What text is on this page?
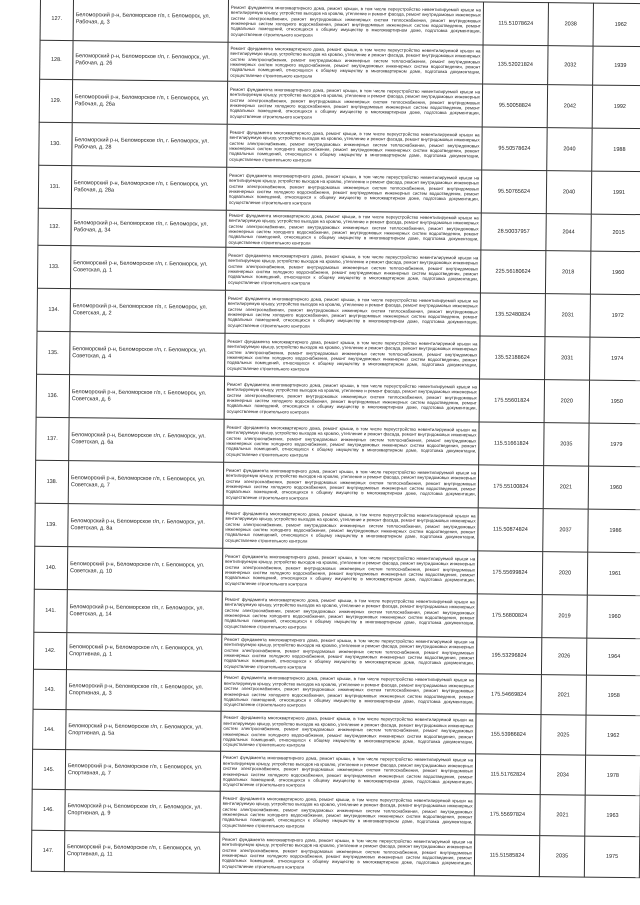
127.	Беломорский р-н, Беломорское г/п, г. Беломорск, ул. Рабочая, д. 3	Ремонт фундамента многоквартирного дома, ремонт крыши, в том числе переустройство невентилируемой крыши на вентилируемую крышу, устройство выходов на кровлю, утепление и ремонт фасада, ремонт внутридомовых инженерных систем электроснабжения, ремонт внутридомовых инженерных систем теплоснабжения, ремонт внутридомовых инженерных систем холодного водоснабжения, ремонт внутридомовых инженерных систем водоотведения, ремонт подвальных помещений, относящихся к общему имуществу в многоквартирном доме, подготовка документации, осуществление строительного контроля	115.51078624	2038	1962

128.	Беломорский р-н, Беломорское г/п, г. Беломорск, ул. Рабочая, д. 26	Ремонт фундамента многоквартирного дома, ремонт крыши, в том числе переустройство невентилируемой крыши на вентилируемую крышу, устройство выходов на кровлю, утепление и ремонт фасада, ремонт внутридомовых инженерных систем электроснабжения, ремонт внутридомовых инженерных систем теплоснабжения, ремонт внутридомовых инженерных систем холодного водоснабжения, ремонт внутридомовых инженерных систем водоотведения, ремонт подвальных помещений, относящихся к общему имуществу в многоквартирном доме, подготовка документации, осуществление строительного контроля	135.52021824	2032	1939

129.	Беломорский р-н, Беломорское г/п, г. Беломорск, ул. Рабочая, д. 26а	Ремонт фундамента многоквартирного дома, ремонт крыши, в том числе переустройство невентилируемой крыши на вентилируемую крышу, устройство выходов на кровлю, утепление и ремонт фасада, ремонт внутридомовых инженерных систем электроснабжения, ремонт внутридомовых инженерных систем теплоснабжения, ремонт внутридомовых инженерных систем холодного водоснабжения, ремонт внутридомовых инженерных систем водоотведения, ремонт подвальных помещений, относящихся к общему имуществу в многоквартирном доме, подготовка документации, осуществление строительного контроля	95.50058824	2042	1992

130.	Беломорский р-н, Беломорское г/п, г. Беломорск, ул. Рабочая, д. 28	Ремонт фундамента многоквартирного дома, ремонт крыши, в том числе переустройство невентилируемой крыши на вентилируемую крышу, устройство выходов на кровлю, утепление и ремонт фасада, ремонт внутридомовых инженерных систем электроснабжения, ремонт внутридомовых инженерных систем теплоснабжения, ремонт внутридомовых инженерных систем холодного водоснабжения, ремонт внутридомовых инженерных систем водоотведения, ремонт подвальных помещений, относящихся к общему имуществу в многоквартирном доме, подготовка документации, осуществление строительного контроля	95.50578624	2040	1988

131.	Беломорский р-н, Беломорское г/п, г. Беломорск, ул. Рабочая, д. 28а	Ремонт фундамента многоквартирного дома, ремонт крыши, в том числе переустройство невентилируемой крыши на вентилируемую крышу, устройство выходов на кровлю, утепление и ремонт фасада, ремонт внутридомовых инженерных систем электроснабжения, ремонт внутридомовых инженерных систем теплоснабжения, ремонт внутридомовых инженерных систем холодного водоснабжения, ремонт внутридомовых инженерных систем водоотведения, ремонт подвальных помещений, относящихся к общему имуществу в многоквартирном доме, подготовка документации, осуществление строительного контроля	95.50765624	2040	1991

132.	Беломорский р-н, Беломорское г/п, г. Беломорск, ул. Рабочая, д. 34	Ремонт фундамента многоквартирного дома, ремонт крыши, в том числе переустройство невентилируемой крыши на вентилируемую крышу, устройство выходов на кровлю, утепление и ремонт фасада, ремонт внутридомовых инженерных систем электроснабжения, ремонт внутридомовых инженерных систем теплоснабжения, ремонт внутридомовых инженерных систем холодного водоснабжения, ремонт внутридомовых инженерных систем водоотведения, ремонт подвальных помещений, относящихся к общему имуществу в многоквартирном доме, подготовка документации, осуществление строительного контроля	28.50037957	2044	2015

133.	Беломорский р-н, Беломорское г/п, г. Беломорск, ул. Советская, д. 1	Ремонт фундамента многоквартирного дома, ремонт крыши, в том числе переустройство невентилируемой крыши на вентилируемую крышу, устройство выходов на кровлю, утепление и ремонт фасада, ремонт внутридомовых инженерных систем электроснабжения, ремонт внутридомовых инженерных систем теплоснабжения, ремонт внутридомовых инженерных систем холодного водоснабжения, ремонт внутридомовых инженерных систем водоотведения, ремонт подвальных помещений, относящихся к общему имуществу в многоквартирном доме, подготовка документации, осуществление строительного контроля	225.56180624	2018	1960

134.	Беломорский р-н, Беломорское г/п, г. Беломорск, ул. Советская, д. 2	Ремонт фундамента многоквартирного дома, ремонт крыши, в том числе переустройство невентилируемой крыши на вентилируемую крышу, устройство выходов на кровлю, утепление и ремонт фасада, ремонт внутридомовых инженерных систем электроснабжения, ремонт внутридомовых инженерных систем теплоснабжения, ремонт внутридомовых инженерных систем холодного водоснабжения, ремонт внутридомовых инженерных систем водоотведения, ремонт подвальных помещений, относящихся к общему имуществу в многоквартирном доме, подготовка документации, осуществление строительного контроля	135.52480824	2031	1972

135.	Беломорский р-н, Беломорское г/п, г. Беломорск, ул. Советская, д. 4	Ремонт фундамента многоквартирного дома, ремонт крыши, в том числе переустройство невентилируемой крыши на вентилируемую крышу, устройство выходов на кровлю, утепление и ремонт фасада, ремонт внутридомовых инженерных систем электроснабжения, ремонт внутридомовых инженерных систем теплоснабжения, ремонт внутридомовых инженерных систем холодного водоснабжения, ремонт внутридомовых инженерных систем водоотведения, ремонт подвальных помещений, относящихся к общему имуществу в многоквартирном доме, подготовка документации, осуществление строительного контроля	135.52188624	2031	1974

136.	Беломорский р-н, Беломорское г/п, г. Беломорск, ул. Советская, д. 6	Ремонт фундамента многоквартирного дома, ремонт крыши, в том числе переустройство невентилируемой крыши на вентилируемую крышу, устройство выходов на кровлю, утепление и ремонт фасада, ремонт внутридомовых инженерных систем электроснабжения, ремонт внутридомовых инженерных систем теплоснабжения, ремонт внутридомовых инженерных систем холодного водоснабжения, ремонт внутридомовых инженерных систем водоотведения, ремонт подвальных помещений, относящихся к общему имуществу в многоквартирном доме, подготовка документации, осуществление строительного контроля	175.55601824	2020	1950

137.	Беломорский р-н, Беломорское г/п, г. Беломорск, ул. Советская, д. 6а	Ремонт фундамента многоквартирного дома, ремонт крыши, в том числе переустройство невентилируемой крыши на вентилируемую крышу, устройство выходов на кровлю, утепление и ремонт фасада, ремонт внутридомовых инженерных систем электроснабжения, ремонт внутридомовых инженерных систем теплоснабжения, ремонт внутридомовых инженерных систем холодного водоснабжения, ремонт внутридомовых инженерных систем водоотведения, ремонт подвальных помещений, относящихся к общему имуществу в многоквартирном доме, подготовка документации, осуществление строительного контроля	115.51661824	2035	1979

138.	Беломорский р-н, Беломорское г/п, г. Беломорск, ул. Советская, д. 7	Ремонт фундамента многоквартирного дома, ремонт крыши, в том числе переустройство невентилируемой крыши на вентилируемую крышу, устройство выходов на кровлю, утепление и ремонт фасада, ремонт внутридомовых инженерных систем электроснабжения, ремонт внутридомовых инженерных систем теплоснабжения, ремонт внутридомовых инженерных систем холодного водоснабжения, ремонт внутридомовых инженерных систем водоотведения, ремонт подвальных помещений, относящихся к общему имуществу в многоквартирном доме, подготовка документации, осуществление строительного контроля	175.55100824	2021	1960

139.	Беломорский р-н, Беломорское г/п, г. Беломорск, ул. Советская, д. 8а	Ремонт фундамента многоквартирного дома, ремонт крыши, в том числе переустройство невентилируемой крыши на вентилируемую крышу, устройство выходов на кровлю, утепление и ремонт фасада, ремонт внутридомовых инженерных систем электроснабжения, ремонт внутридомовых инженерных систем теплоснабжения, ремонт внутридомовых инженерных систем холодного водоснабжения, ремонт внутридомовых инженерных систем водоотведения, ремонт подвальных помещений, относящихся к общему имуществу в многоквартирном доме, подготовка документации, осуществление строительного контроля	115.50874824	2037	1986

140.	Беломорский р-н, Беломорское г/п, г. Беломорск, ул. Советская, д. 10	Ремонт фундамента многоквартирного дома, ремонт крыши, в том числе переустройство невентилируемой крыши на вентилируемую крышу, устройство выходов на кровлю, утепление и ремонт фасада, ремонт внутридомовых инженерных систем электроснабжения, ремонт внутридомовых инженерных систем теплоснабжения, ремонт внутридомовых инженерных систем холодного водоснабжения, ремонт внутридомовых инженерных систем водоотведения, ремонт подвальных помещений, относящихся к общему имуществу в многоквартирном доме, подготовка документации, осуществление строительного контроля	175.55699824	2020	1961

141.	Беломорский р-н, Беломорское г/п, г. Беломорск, ул. Советская, д. 14	Ремонт фундамента многоквартирного дома, ремонт крыши, в том числе переустройство невентилируемой крыши на вентилируемую крышу, устройство выходов на кровлю, утепление и ремонт фасада, ремонт внутридомовых инженерных систем электроснабжения, ремонт внутридомовых инженерных систем теплоснабжения, ремонт внутридомовых инженерных систем холодного водоснабжения, ремонт внутридомовых инженерных систем водоотведения, ремонт подвальных помещений, относящихся к общему имуществу в многоквартирном доме, подготовка документации, осуществление строительного контроля	175.56800824	2019	1960

142.	Беломорский р-н, Беломорское г/п, г. Беломорск, ул. Спортивная, д. 1	Ремонт фундамента многоквартирного дома, ремонт крыши, в том числе переустройство невентилируемой крыши на вентилируемую крышу, устройство выходов на кровлю, утепление и ремонт фасада, ремонт внутридомовых инженерных систем электроснабжения, ремонт внутридомовых инженерных систем теплоснабжения, ремонт внутридомовых инженерных систем холодного водоснабжения, ремонт внутридомовых инженерных систем водоотведения, ремонт подвальных помещений, относящихся к общему имуществу в многоквартирном доме, подготовка документации, осуществление строительного контроля	195.53296824	2026	1964

143.	Беломорский р-н, Беломорское г/п, г. Беломорск, ул. Спортивная, д. 3	Ремонт фундамента многоквартирного дома, ремонт крыши, в том числе переустройство невентилируемой крыши на вентилируемую крышу, устройство выходов на кровлю, утепление и ремонт фасада, ремонт внутридомовых инженерных систем электроснабжения, ремонт внутридомовых инженерных систем теплоснабжения, ремонт внутридомовых инженерных систем холодного водоснабжения, ремонт внутридомовых инженерных систем водоотведения, ремонт подвальных помещений, относящихся к общему имуществу в многоквартирном доме, подготовка документации, осуществление строительного контроля	175.54669824	2021	1958

144.	Беломорский р-н, Беломорское г/п, г. Беломорск, ул. Спортивная, д. 5а	Ремонт фундамента многоквартирного дома, ремонт крыши, в том числе переустройство невентилируемой крыши на вентилируемую крышу, устройство выходов на кровлю, утепление и ремонт фасада, ремонт внутридомовых инженерных систем электроснабжения, ремонт внутридомовых инженерных систем теплоснабжения, ремонт внутридомовых инженерных систем холодного водоснабжения, ремонт внутридомовых инженерных систем водоотведения, ремонт подвальных помещений, относящихся к общему имуществу в многоквартирном доме, подготовка документации, осуществление строительного контроля	155.53986824	2025	1962

145.	Беломорский р-н, Беломорское г/п, г. Беломорск, ул. Спортивная, д. 7	Ремонт фундамента многоквартирного дома, ремонт крыши, в том числе переустройство невентилируемой крыши на вентилируемую крышу, устройство выходов на кровлю, утепление и ремонт фасада, ремонт внутридомовых инженерных систем электроснабжения, ремонт внутридомовых инженерных систем теплоснабжения, ремонт внутридомовых инженерных систем холодного водоснабжения, ремонт внутридомовых инженерных систем водоотведения, ремонт подвальных помещений, относящихся к общему имуществу в многоквартирном доме, подготовка документации, осуществление строительного контроля	115.51762824	2034	1978

146.	Беломорский р-н, Беломорское г/п, г. Беломорск, ул. Спортивная, д. 9	Ремонт фундамента многоквартирного дома, ремонт крыши, в том числе переустройство невентилируемой крыши на вентилируемую крышу, устройство выходов на кровлю, утепление и ремонт фасада, ремонт внутридомовых инженерных систем электроснабжения, ремонт внутридомовых инженерных систем теплоснабжения, ремонт внутридомовых инженерных систем холодного водоснабжения, ремонт внутридомовых инженерных систем водоотведения, ремонт подвальных помещений, относящихся к общему имуществу в многоквартирном доме, подготовка документации, осуществление строительного контроля	175.55697824	2021	1963

147.	Беломорский р-н, Беломорское г/п, г. Беломорск, ул. Спортивная, д. 11	Ремонт фундамента многоквартирного дома, ремонт крыши, в том числе переустройство невентилируемой крыши на вентилируемую крышу, устройство выходов на кровлю, утепление и ремонт фасада, ремонт внутридомовых инженерных систем электроснабжения, ремонт внутридомовых инженерных систем теплоснабжения, ремонт внутридомовых инженерных систем холодного водоснабжения, ремонт внутридомовых инженерных систем водоотведения, ремонт подвальных помещений, относящихся к общему имуществу в многоквартирном доме, подготовка документации, осуществление строительного контроля	115.51585824	2035	1975
